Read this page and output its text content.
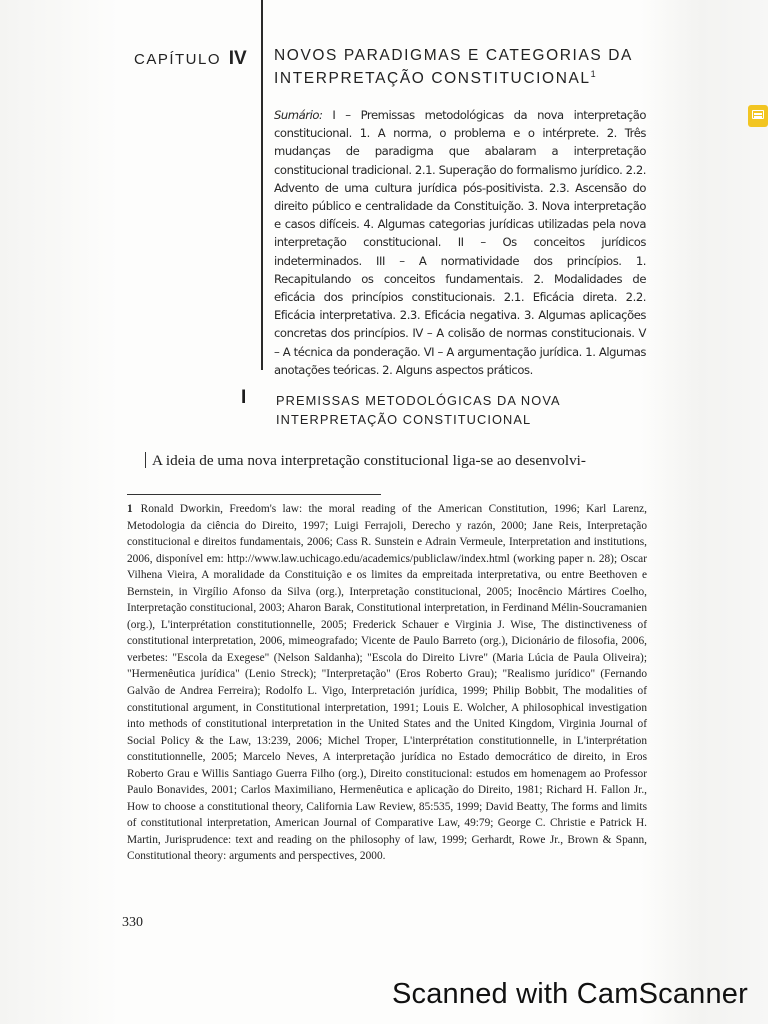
CAPÍTULO IV NOVOS PARADIGMAS E CATEGORIAS DA INTERPRETAÇÃO CONSTITUCIONAL$^1$
Sumário: I – Premissas metodológicas da nova interpretação constitucional. 1. A norma, o problema e o intérprete. 2. Três mudanças de paradigma que abalaram a interpretação constitucional tradicional. 2.1. Superação do formalismo jurídico. 2.2. Advento de uma cultura jurídica pós-positivista. 2.3. Ascensão do direito público e centralidade da Constituição. 3. Nova interpretação e casos difíceis. 4. Algumas categorias jurídicas utilizadas pela nova interpretação constitucional. II – Os conceitos jurídicos indeterminados. III – A normatividade dos princípios. 1. Recapitulando os conceitos fundamentais. 2. Modalidades de eficácia dos princípios constitucionais. 2.1. Eficácia direta. 2.2. Eficácia interpretativa. 2.3. Eficácia negativa. 3. Algumas aplicações concretas dos princípios. IV – A colisão de normas constitucionais. V – A técnica da ponderação. VI – A argumentação jurídica. 1. Algumas anotações teóricas. 2. Alguns aspectos práticos.
I PREMISSAS METODOLÓGICAS DA NOVA INTERPRETAÇÃO CONSTITUCIONAL
A ideia de uma nova interpretação constitucional liga-se ao desenvolvi-
1 Ronald Dworkin, Freedom's law: the moral reading of the American Constitution, 1996; Karl Larenz, Metodologia da ciência do Direito, 1997; Luigi Ferrajoli, Derecho y razón, 2000; Jane Reis, Interpretação constitucional e direitos fundamentais, 2006; Cass R. Sunstein e Adrain Vermeule, Interpretation and institutions, 2006, disponível em: http://www.law.uchicago.edu/academics/publiclaw/index.html (working paper n. 28); Oscar Vilhena Vieira, A moralidade da Constituição e os limites da empreitada interpretativa, ou entre Beethoven e Bernstein, in Virgílio Afonso da Silva (org.), Interpretação constitucional, 2005; Inocêncio Mártires Coelho, Interpretação constitucional, 2003; Aharon Barak, Constitutional interpretation, in Ferdinand Mélin-Soucramanien (org.), L'interprétation constitutionnelle, 2005; Frederick Schauer e Virginia J. Wise, The distinctiveness of constitutional interpretation, 2006, mimeografado; Vicente de Paulo Barreto (org.), Dicionário de filosofia, 2006, verbetes: "Escola da Exegese" (Nelson Saldanha); "Escola do Direito Livre" (Maria Lúcia de Paula Oliveira); "Hermenêutica jurídica" (Lenio Streck); "Interpretação" (Eros Roberto Grau); "Realismo jurídico" (Fernando Galvão de Andrea Ferreira); Rodolfo L. Vigo, Interpretación jurídica, 1999; Philip Bobbit, The modalities of constitutional argument, in Constitutional interpretation, 1991; Louis E. Wolcher, A philosophical investigation into methods of constitutional interpretation in the United States and the United Kingdom, Virginia Journal of Social Policy & the Law, 13:239, 2006; Michel Troper, L'interprétation constitutionnelle, in L'interprétation constitutionnelle, 2005; Marcelo Neves, A interpretação jurídica no Estado democrático de direito, in Eros Roberto Grau e Willis Santiago Guerra Filho (org.), Direito constitucional: estudos em homenagem ao Professor Paulo Bonavides, 2001; Carlos Maximiliano, Hermenêutica e aplicação do Direito, 1981; Richard H. Fallon Jr., How to choose a constitutional theory, California Law Review, 85:535, 1999; David Beatty, The forms and limits of constitutional interpretation, American Journal of Comparative Law, 49:79; George C. Christie e Patrick H. Martin, Jurisprudence: text and reading on the philosophy of law, 1999; Gerhardt, Rowe Jr., Brown & Spann, Constitutional theory: arguments and perspectives, 2000.
330
Scanned with CamScanner
